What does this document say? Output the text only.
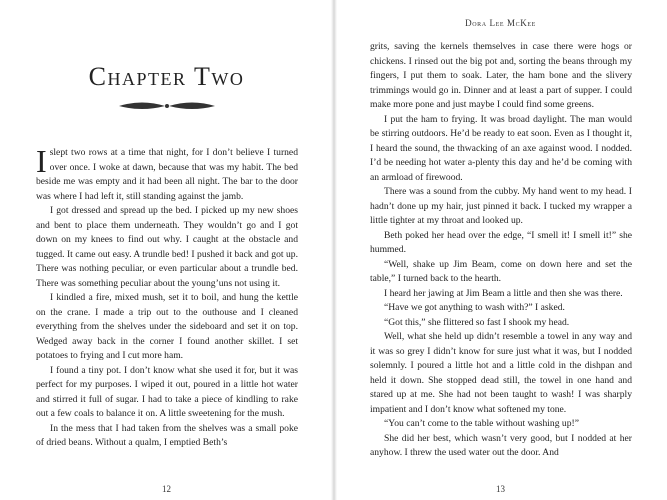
Chapter Two

Islept two rows at a time that night, for I don’t believe I turned over once. I woke at dawn, because that was my habit. The bed beside me was empty and it had been all night. The bar to the door was where I had left it, still standing against the jamb.

I got dressed and spread up the bed. I picked up my new shoes and bent to place them underneath. They wouldn’t go and I got down on my knees to find out why. I caught at the obstacle and tugged. It came out easy. A trundle bed! I pushed it back and got up. There was nothing peculiar, or even particular about a trundle bed. There was something peculiar about the young’uns not using it.

I kindled a fire, mixed mush, set it to boil, and hung the kettle on the crane. I made a trip out to the outhouse and I cleaned everything from the shelves under the sideboard and set it on top. Wedged away back in the corner I found another skillet. I set potatoes to frying and I cut more ham.

I found a tiny pot. I don’t know what she used it for, but it was perfect for my purposes. I wiped it out, poured in a little hot water and stirred it full of sugar. I had to take a piece of kindling to rake out a few coals to balance it on. A little sweetening for the mush.

In the mess that I had taken from the shelves was a small poke of dried beans. Without a qualm, I emptied Beth’s

12
Dora Lee McKee

grits, saving the kernels themselves in case there were hogs or chickens. I rinsed out the big pot and, sorting the beans through my fingers, I put them to soak. Later, the ham bone and the slivery trimmings would go in. Dinner and at least a part of supper. I could make more pone and just maybe I could find some greens.

I put the ham to frying. It was broad daylight. The man would be stirring outdoors. He’d be ready to eat soon. Even as I thought it, I heard the sound, the thwacking of an axe against wood. I nodded. I’d be needing hot water a-plenty this day and he’d be coming with an armload of firewood.

There was a sound from the cubby. My hand went to my head. I hadn’t done up my hair, just pinned it back. I tucked my wrapper a little tighter at my throat and looked up.

Beth poked her head over the edge, “I smell it! I smell it!” she hummed.

“Well, shake up Jim Beam, come on down here and set the table,” I turned back to the hearth.

I heard her jawing at Jim Beam a little and then she was there.

“Have we got anything to wash with?” I asked.

“Got this,” she flittered so fast I shook my head.

Well, what she held up didn’t resemble a towel in any way and it was so grey I didn’t know for sure just what it was, but I nodded solemnly. I poured a little hot and a little cold in the dishpan and held it down. She stopped dead still, the towel in one hand and stared up at me. She had not been taught to wash! I was sharply impatient and I don’t know what softened my tone.

“You can’t come to the table without washing up!”

She did her best, which wasn’t very good, but I nodded at her anyhow. I threw the used water out the door. And

13
